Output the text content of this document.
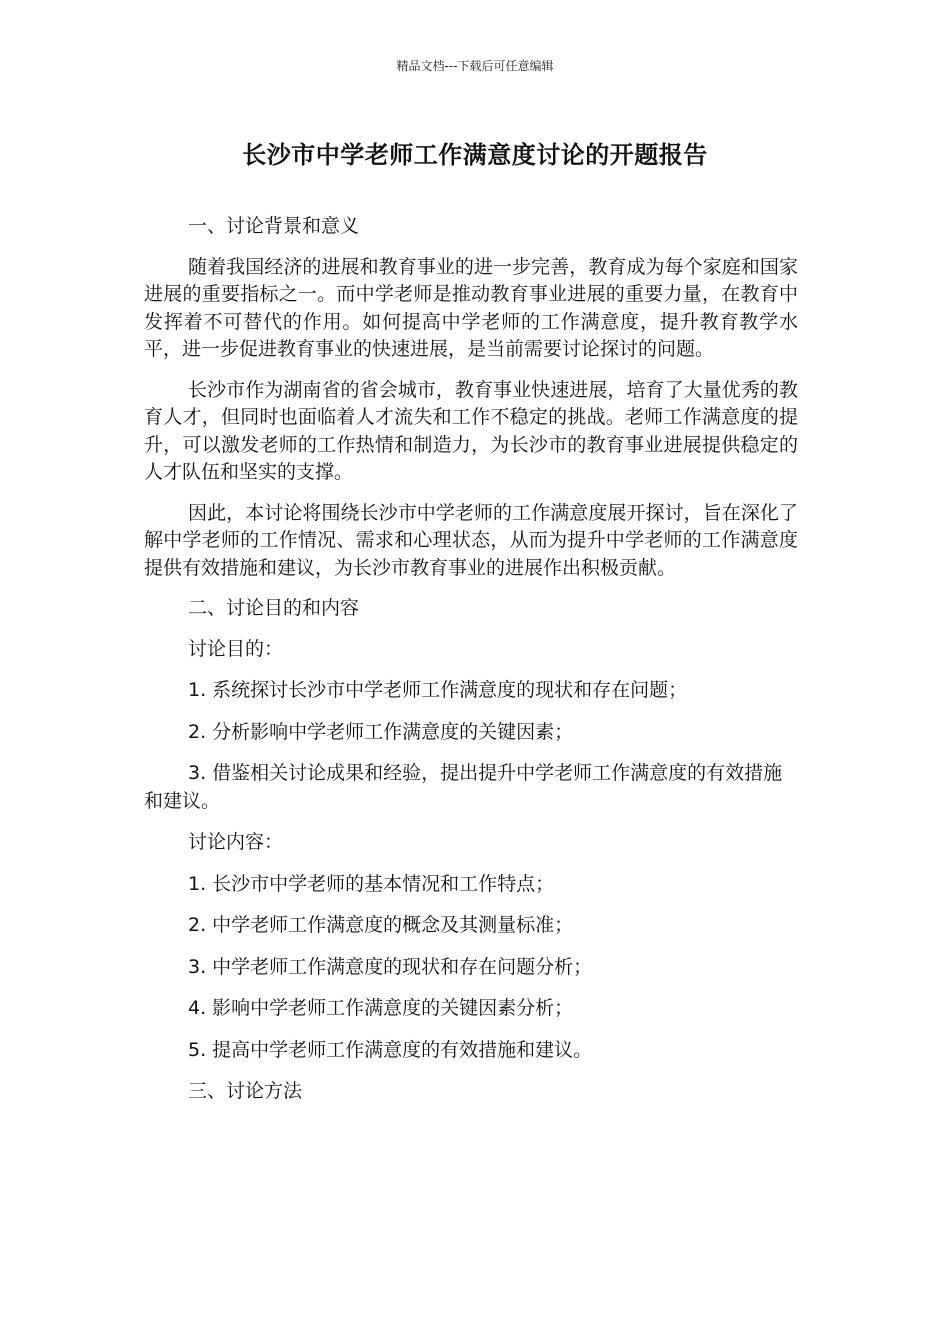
精品文档---下载后可任意编辑
长沙市中学老师工作满意度讨论的开题报告

一、讨论背景和意义

随着我国经济的进展和教育事业的进一步完善，教育成为每个家庭和国家进展的重要指标之一。而中学老师是推动教育事业进展的重要力量，在教育中发挥着不可替代的作用。如何提高中学老师的工作满意度，提升教育教学水平，进一步促进教育事业的快速进展，是当前需要讨论探讨的问题。

长沙市作为湖南省的省会城市，教育事业快速进展，培育了大量优秀的教育人才，但同时也面临着人才流失和工作不稳定的挑战。老师工作满意度的提升，可以激发老师的工作热情和制造力，为长沙市的教育事业进展提供稳定的人才队伍和坚实的支撑。

因此，本讨论将围绕长沙市中学老师的工作满意度展开探讨，旨在深化了解中学老师的工作情况、需求和心理状态，从而为提升中学老师的工作满意度提供有效措施和建议，为长沙市教育事业的进展作出积极贡献。

二、讨论目的和内容

讨论目的：

1. 系统探讨长沙市中学老师工作满意度的现状和存在问题；

2. 分析影响中学老师工作满意度的关键因素；

3. 借鉴相关讨论成果和经验，提出提升中学老师工作满意度的有效措施和建议。

讨论内容：

1. 长沙市中学老师的基本情况和工作特点；

2. 中学老师工作满意度的概念及其测量标准；

3. 中学老师工作满意度的现状和存在问题分析；

4. 影响中学老师工作满意度的关键因素分析；

5. 提高中学老师工作满意度的有效措施和建议。

三、讨论方法
